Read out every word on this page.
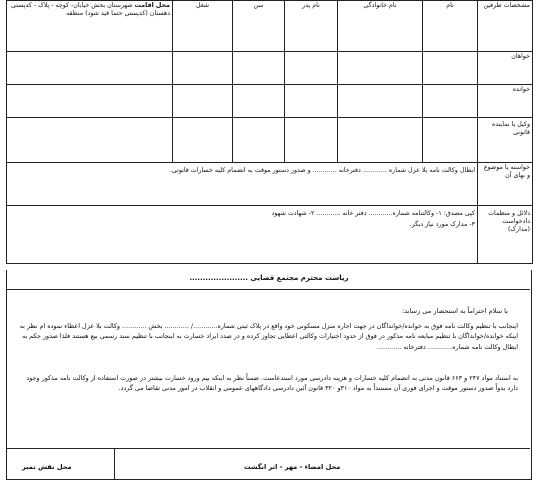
مشخصات طرفین	نام	نام خانوادگی	نام پدر	سن	شغل	محل اقامت شهرستان بخش خیابان- کوچه - پلاک - کدپستی دهستان (کدپستی حتما قید شود) منطقه
خواهان						
خوانده						
وکیل یا نماینده قانونی						
خواسته یا موضوع و بهای آن	ابطال وکالت نامه بلا عزل شماره ............ دفترخانه ............ و صدور دستور موقت به انضمام کلیه خسارات قانونی.					
دلائل و منظمات دادخواست (مدارک)	کپی مصدق: ۱- وکالتنامه شماره............ دفتر خانه ............ ۲- شهادت شهود
۳- مدارک مورد نیاز دیگر.					
ریاست محترم مجتمع قضایی ......................
با سلام احتراماً به استحضار می رساند:
اینجانب با تنظیم وکالت نامه فوق به خوانده/خوانداگان در جهت اجاره منزل مسکونی خود واقع در پلاک ثبتی شماره............/ ............ بخش ............ وکالت بلا عزل اعطاء نموده ام نظر به اینکه خوانده/خوانداگان با تنظیم مبایعه نامه مذکور در فوق از حدود اختیارات وکالتی اعطایی تجاوز کرده و در صدد ایراد خسارت به اینجانب با تنظیم سند رسمی بیع هستند فلذا صدور حکم به ابطال وکالت نامه شماره............ دفترخانه ............
به استناد مواد ۲۴۷ و ۶۶۳ قانون مدنی به انضمام کلیه خسارات و هزینه دادرسی مورد استدعاست. ضمناً نظر به اینکه بیم ورود خسارت بیشتر در صورت استفاده از وکالت نامه مذکور وجود دارد بدواً صدور دستور موقت و اجرای فوری آن مستنداً به مواد ۳۱۰و ۳۲۰ قانون آئین دادرسی دادگاههای عمومی و انقلاب در امور مدنی تقاضا می گردد.
محل امضاء - مهر - اثر انگشت
محل نقش تمبر
